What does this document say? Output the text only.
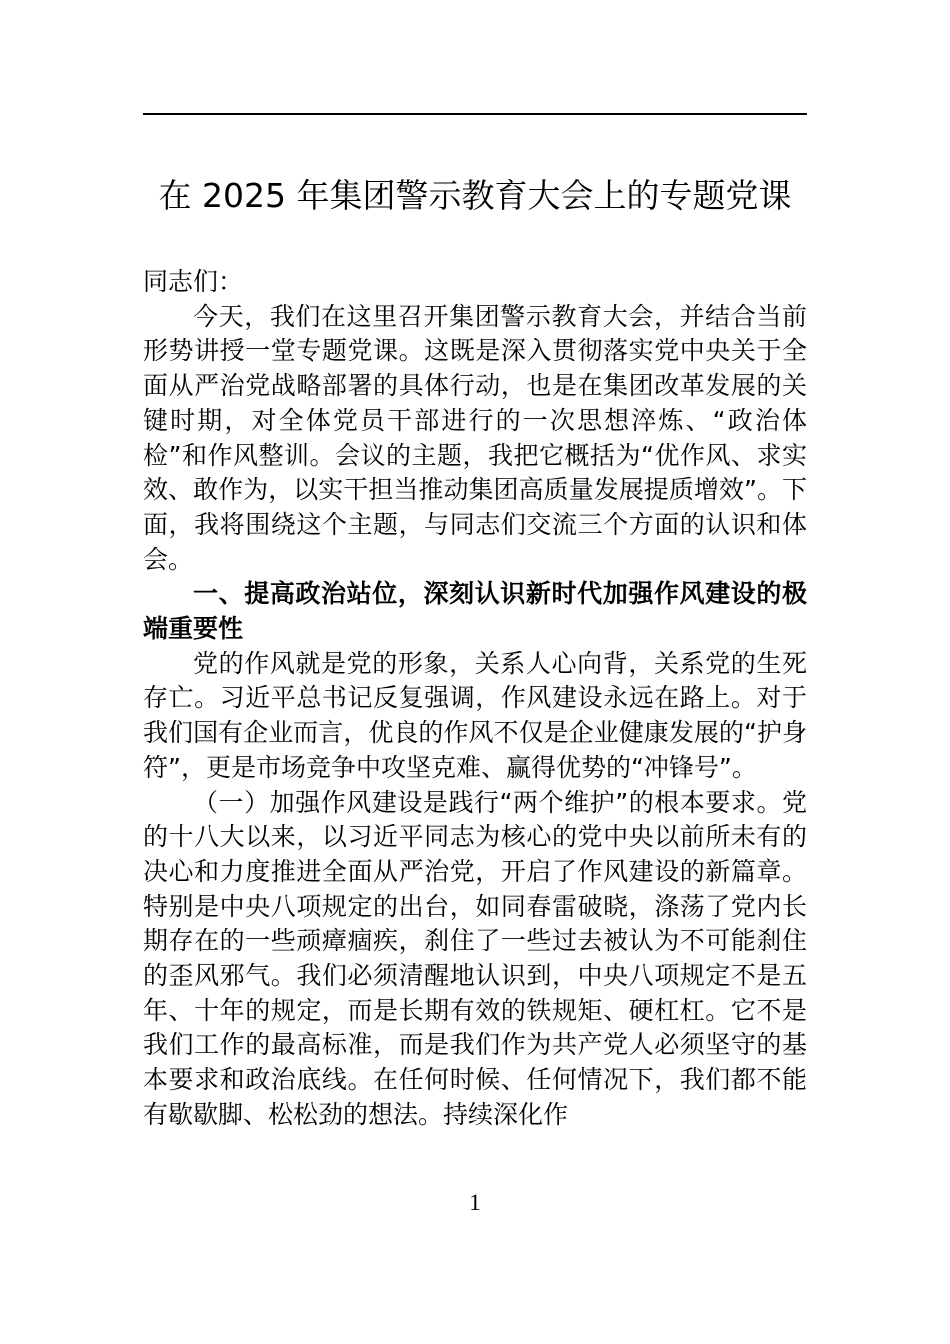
在 2025 年集团警示教育大会上的专题党课

同志们：

今天，我们在这里召开集团警示教育大会，并结合当前形势讲授一堂专题党课。这既是深入贯彻落实党中央关于全面从严治党战略部署的具体行动，也是在集团改革发展的关键时期，对全体党员干部进行的一次思想淬炼、“政治体检”和作风整训。会议的主题，我把它概括为“优作风、求实效、敢作为，以实干担当推动集团高质量发展提质增效”。下面，我将围绕这个主题，与同志们交流三个方面的认识和体会。

一、提高政治站位，深刻认识新时代加强作风建设的极端重要性

党的作风就是党的形象，关系人心向背，关系党的生死存亡。习近平总书记反复强调，作风建设永远在路上。对于我们国有企业而言，优良的作风不仅是企业健康发展的“护身符”，更是市场竞争中攻坚克难、赢得优势的“冲锋号”。

（一）加强作风建设是践行“两个维护”的根本要求。党的十八大以来，以习近平同志为核心的党中央以前所未有的决心和力度推进全面从严治党，开启了作风建设的新篇章。特别是中央八项规定的出台，如同春雷破晓，涤荡了党内长期存在的一些顽瘴痼疾，刹住了一些过去被认为不可能刹住的歪风邪气。我们必须清醒地认识到，中央八项规定不是五年、十年的规定，而是长期有效的铁规矩、硬杠杠。它不是我们工作的最高标准，而是我们作为共产党人必须坚守的基本要求和政治底线。在任何时候、任何情况下，我们都不能有歇歇脚、松松劲的想法。持续深化作

1
